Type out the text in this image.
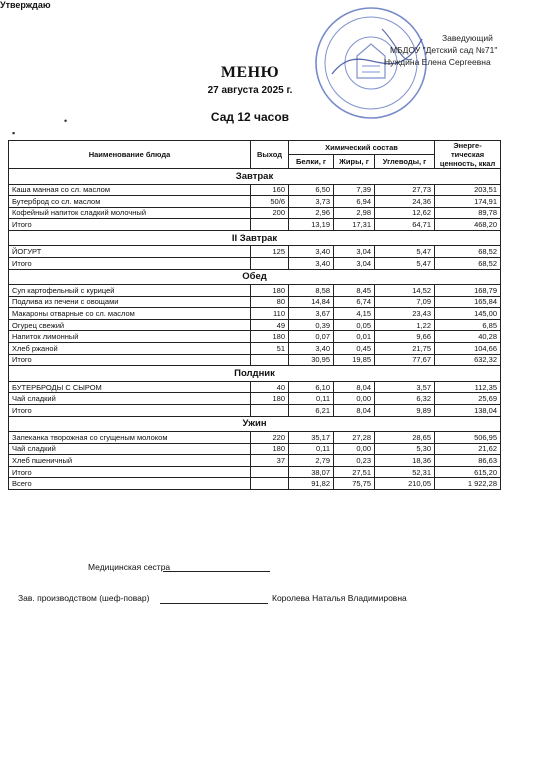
Утверждаю
Заведующий
МБДОУ "Детский сад №71"
Нуждина Елена Сергеевна
МЕНЮ
27 августа 2025 г.
Сад 12 часов
Наименование блюда	Выход	Химический состав			Энерге-тическая ценность, ккал
		Белки, г	Жиры, г	Углеводы, г	
Завтрак					
Каша манная со сл. маслом	160	6,50	7,39	27,73	203,51
Бутерброд со сл. маслом	50/6	3,73	6,94	24,36	174,91
Кофейный напиток сладкий молочный	200	2,96	2,98	12,62	89,78
Итого		13,19	17,31	64,71	468,20
II Завтрак					
ЙОГУРТ	125	3,40	3,04	5,47	68,52
Итого		3,40	3,04	5,47	68,52
Обед					
Суп картофельный с курицей	180	8,58	8,45	14,52	168,79
Подлива из печени с овощами	80	14,84	6,74	7,09	165,84
Макароны отварные со сл. маслом	110	3,67	4,15	23,43	145,00
Огурец свежий	49	0,39	0,05	1,22	6,85
Напиток лимонный	180	0,07	0,01	9,66	40,28
Хлеб ржаной	51	3,40	0,45	21,75	104,66
Итого		30,95	19,85	77,67	632,32
Полдник					
БУТЕРБРОДЫ С СЫРОМ	40	6,10	8,04	3,57	112,35
Чай сладкий	180	0,11	0,00	6,32	25,69
Итого		6,21	8,04	9,89	138,04
Ужин					
Запеканка творожная со сгущеным молоком	220	35,17	27,28	28,65	506,95
Чай сладкий	180	0,11	0,00	5,30	21,62
Хлеб пшеничный	37	2,79	0,23	18,36	86,63
Итого		38,07	27,51	52,31	615,20
Всего		91,82	75,75	210,05	1 922,28
Медицинская сестра
Зав. производством (шеф-повар)	Королева Наталья Владимировна
•
▪
